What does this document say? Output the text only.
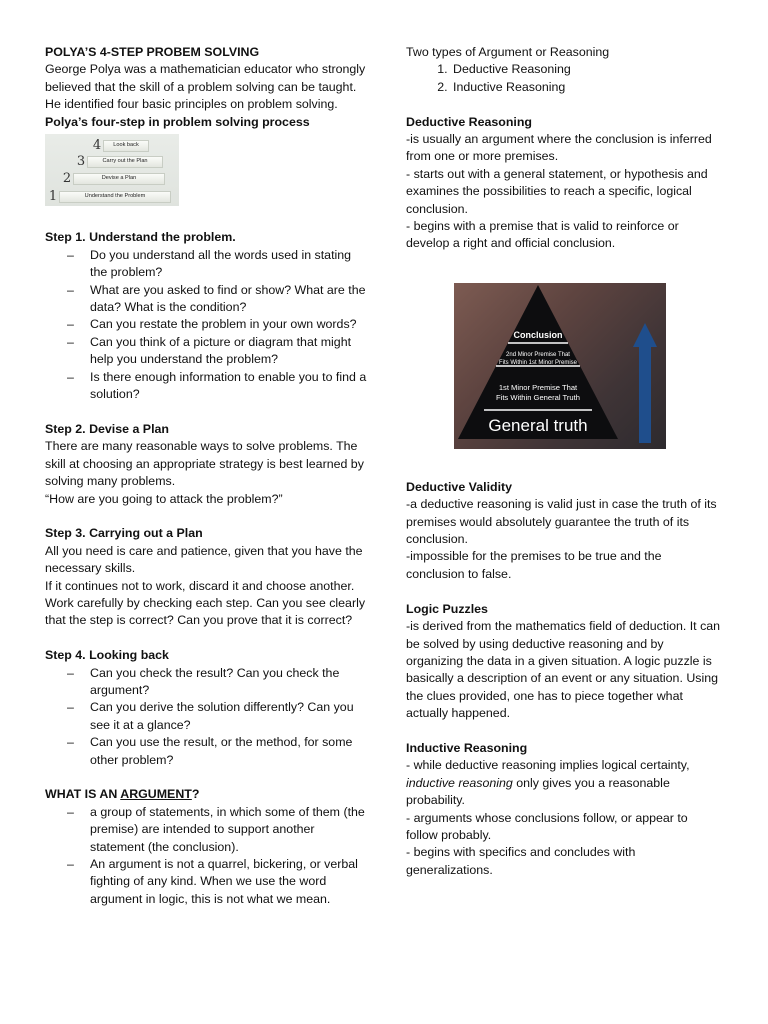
POLYA’S 4-STEP PROBEM SOLVING

George Polya was a mathematician educator who strongly believed that the skill of a problem solving can be taught. He identified four basic principles on problem solving.

Polya’s four-step in problem solving process

4	Look back
3	Carry out the Plan
2	Devise a Plan
1	Understand the Problem

Step 1. Understand the problem.

– Do you understand all the words used in stating the problem?
– What are you asked to find or show? What are the data? What is the condition?
– Can you restate the problem in your own words?
– Can you think of a picture or diagram that might help you understand the problem?
– Is there enough information to enable you to find a solution?

Step 2. Devise a Plan

There are many reasonable ways to solve problems. The skill at choosing an appropriate strategy is best learned by solving many problems.

“How are you going to attack the problem?”

Step 3. Carrying out a Plan

All you need is care and patience, given that you have the necessary skills.

If it continues not to work, discard it and choose another. Work carefully by checking each step. Can you see clearly that the step is correct? Can you prove that it is correct?

Step 4. Looking back

– Can you check the result? Can you check the argument?
– Can you derive the solution differently? Can you see it at a glance?
– Can you use the result, or the method, for some other problem?

WHAT IS AN ARGUMENT?

– a group of statements, in which some of them (the premise) are intended to support another statement (the conclusion).
– An argument is not a quarrel, bickering, or verbal fighting of any kind. When we use the word argument in logic, this is not what we mean.

Two types of Argument or Reasoning

1. Deductive Reasoning
2. Inductive Reasoning

Deductive Reasoning

-is usually an argument where the conclusion is inferred from one or more premises.

- starts out with a general statement, or hypothesis and examines the possibilities to reach a specific, logical conclusion.

- begins with a premise that is valid to reinforce or develop a right and official conclusion.

Deductive Validity

-a deductive reasoning is valid just in case the truth of its premises would absolutely guarantee the truth of its conclusion.

-impossible for the premises to be true and the conclusion to false.

Logic Puzzles

-is derived from the mathematics field of deduction. It can be solved by using deductive reasoning and by organizing the data in a given situation. A logic puzzle is basically a description of an event or any situation. Using the clues provided, one has to piece together what actually happened.

Inductive Reasoning

- while deductive reasoning implies logical certainty, inductive reasoning only gives you a reasonable probability.

- arguments whose conclusions follow, or appear to follow probably.

- begins with specifics and concludes with generalizations.

Conclusion
2nd Minor Premise That
Fits Within 1st Minor Premise
1st Minor Premise That
Fits Within General Truth
General truth
